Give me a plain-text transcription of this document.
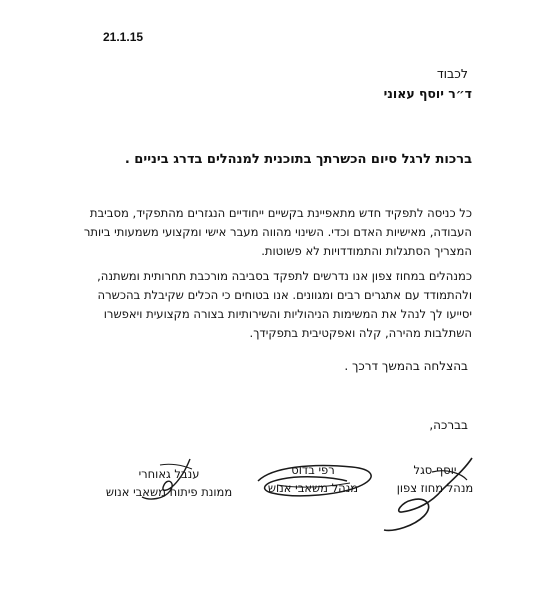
21.1.15
לכבוד
ד״ר יוסף עאוני
ברכות לרגל סיום הכשרתך בתוכנית למנהלים בדרג ביניים .
כל כניסה לתפקיד חדש מתאפיינת בקשיים ייחודיים הנגזרים מהתפקיד, מסביבת העבודה, מאישיות האדם וכדי. השינוי מהווה מעבר אישי ומקצועי משמעותי ביותר המצריך הסתגלות והתמודדויות לא פשוטות.
כמנהלים במחוז צפון אנו נדרשים לתפקד בסביבה מורכבת תחרותית ומשתנה, ולהתמודד עם אתגרים רבים ומגוונים. אנו בטוחים כי הכלים שקיבלת בהכשרה יסייעו לך לנהל את המשימות הניהוליות והשירותיות בצורה מקצועית ויאפשרו השתלבות מהירה, קלה ואפקטיבית בתפקידך.
בהצלחה בהמשך דרכך .
בברכה,
יוסף סגל
מנהל מחוז צפון
רפי בדוס
מנהל משאבי אנוש
ענבל גאוחרי
ממונת פיתוח משאבי אנוש
